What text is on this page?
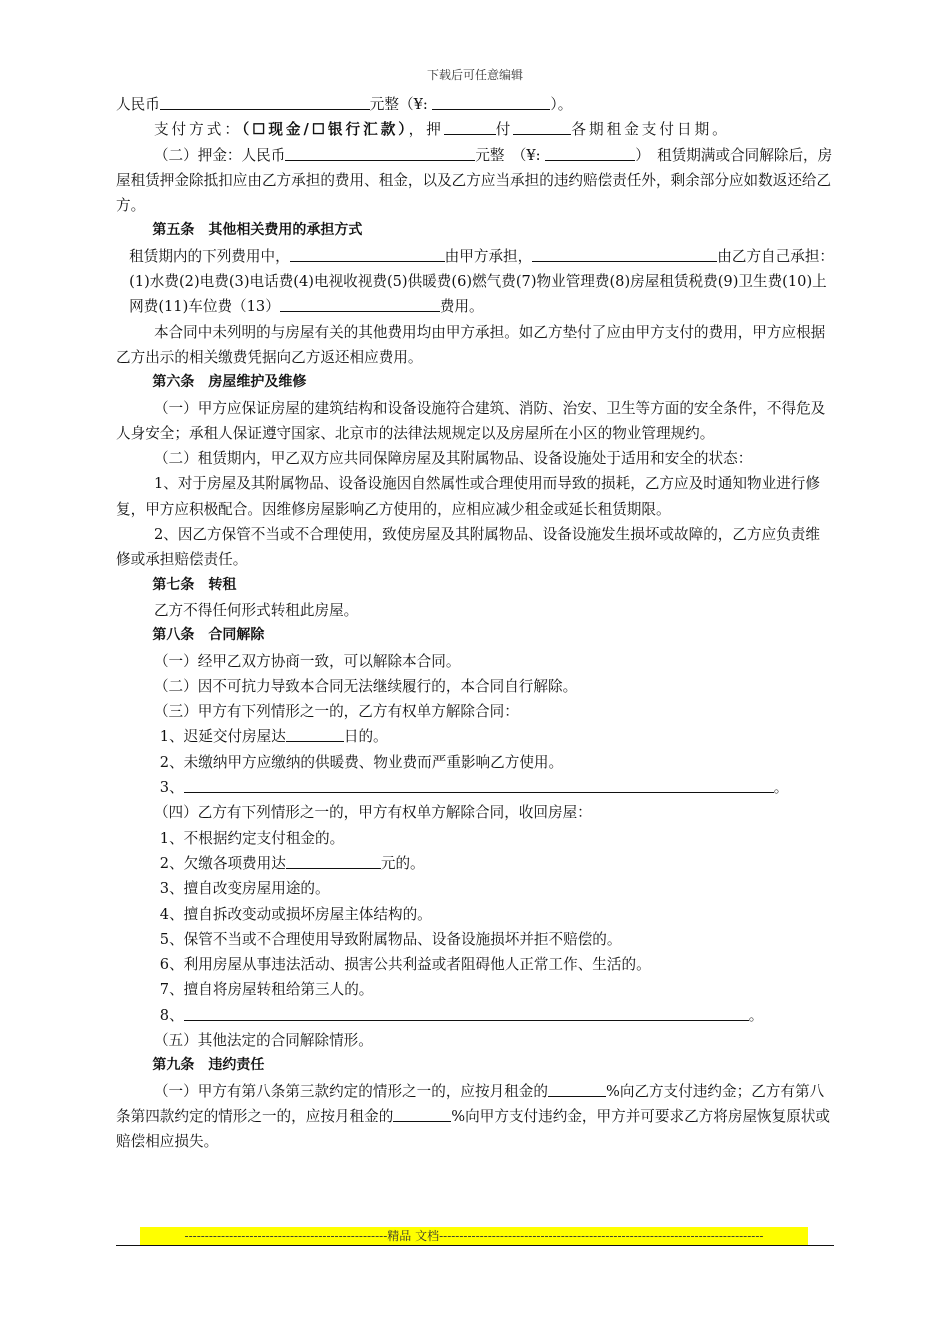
下载后可任意编辑

人民币	元整（¥:	）。

支付方式：（☐现金/☐银行汇款），押	付	各期租金支付日期。

（二）押金：人民币	元整　（¥:	）　租赁期满或合同解除后，房屋租赁押金除抵扣应由乙方承担的费用、租金，以及乙方应当承担的违约赔偿责任外，剩余部分应如数返还给乙方。

第五条　其他相关费用的承担方式

租赁期内的下列费用中，	由甲方承担，	由乙方自己承担：(1)水费(2)电费(3)电话费(4)电视收视费(5)供暖费(6)燃气费(7)物业管理费(8)房屋租赁税费(9)卫生费(10)上网费(11)车位费（13）	费用。

本合同中未列明的与房屋有关的其他费用均由甲方承担。如乙方垫付了应由甲方支付的费用，甲方应根据乙方出示的相关缴费凭据向乙方返还相应费用。

第六条　房屋维护及维修

（一）甲方应保证房屋的建筑结构和设备设施符合建筑、消防、治安、卫生等方面的安全条件，不得危及人身安全；承租人保证遵守国家、北京市的法律法规规定以及房屋所在小区的物业管理规约。

（二）租赁期内，甲乙双方应共同保障房屋及其附属物品、设备设施处于适用和安全的状态：

1、对于房屋及其附属物品、设备设施因自然属性或合理使用而导致的损耗，乙方应及时通知物业进行修复，甲方应积极配合。因维修房屋影响乙方使用的，应相应减少租金或延长租赁期限。

2、因乙方保管不当或不合理使用，致使房屋及其附属物品、设备设施发生损坏或故障的，乙方应负责维修或承担赔偿责任。

第七条　转租

乙方不得任何形式转租此房屋。

第八条　合同解除

（一）经甲乙双方协商一致，可以解除本合同。

（二）因不可抗力导致本合同无法继续履行的，本合同自行解除。

（三）甲方有下列情形之一的，乙方有权单方解除合同：

1、迟延交付房屋达	日的。

2、未缴纳甲方应缴纳的供暖费、物业费而严重影响乙方使用。

3、	。

（四）乙方有下列情形之一的，甲方有权单方解除合同，收回房屋：

1、不根据约定支付租金的。

2、欠缴各项费用达	元的。

3、擅自改变房屋用途的。

4、擅自拆改变动或损坏房屋主体结构的。

5、保管不当或不合理使用导致附属物品、设备设施损坏并拒不赔偿的。

6、利用房屋从事违法活动、损害公共利益或者阻碍他人正常工作、生活的。

7、擅自将房屋转租给第三人的。

8、	。

（五）其他法定的合同解除情形。

第九条　违约责任

（一）甲方有第八条第三款约定的情形之一的，应按月租金的	%向乙方支付违约金；乙方有第八条第四款约定的情形之一的，应按月租金的	%向甲方支付违约金，甲方并可要求乙方将房屋恢复原状或赔偿相应损失。

--------------------------------------------------精品 文档--------------------------------------------------------------------------------
